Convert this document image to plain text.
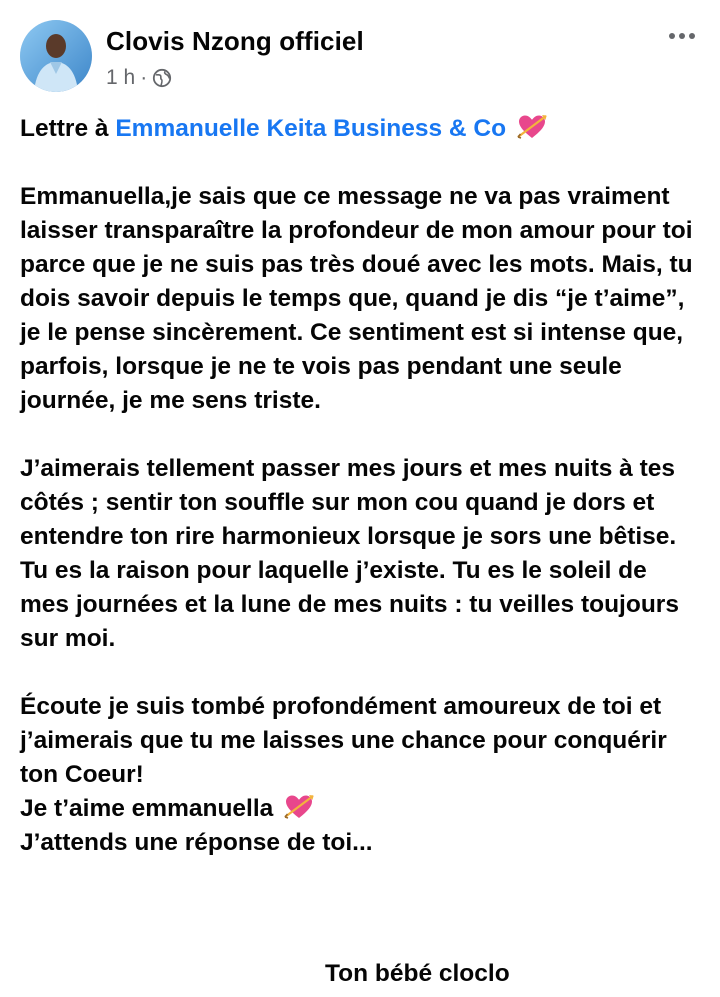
Clovis Nzong officiel
1 h ·

Lettre à Emmanuelle Keita Business & Co

Emmanuella,je sais que ce message ne va pas vraiment laisser transparaître la profondeur de mon amour pour toi parce que je ne suis pas très doué avec les mots. Mais, tu dois savoir depuis le temps que, quand je dis “je t’aime”, je le pense sincèrement. Ce sentiment est si intense que, parfois, lorsque je ne te vois pas pendant une seule journée, je me sens triste.

J’aimerais tellement passer mes jours et mes nuits à tes côtés ; sentir ton souffle sur mon cou quand je dors et entendre ton rire harmonieux lorsque je sors une bêtise. Tu es la raison pour laquelle j’existe. Tu es le soleil de mes journées et la lune de mes nuits : tu veilles toujours sur moi.

Écoute je suis tombé profondément amoureux de toi et j’aimerais que tu me laisses une chance pour conquérir ton Coeur!

Je t’aime emmanuella

J’attends une réponse de toi...

Ton bébé cloclo
